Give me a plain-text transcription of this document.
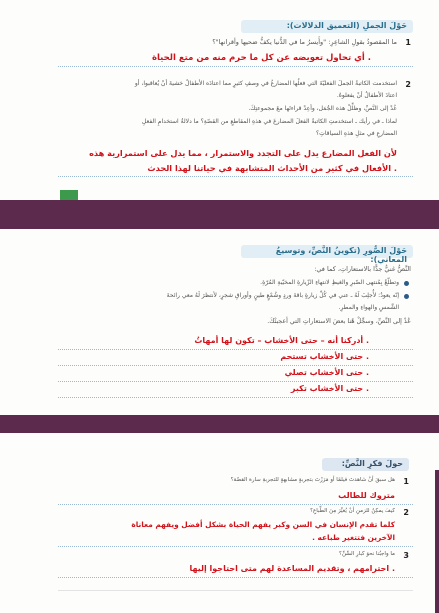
حَوْلَ الجملِ (التعميق الدلالات):
1
ما المقصودُ بقولِ الشاعِرِ: "وأَيسرُ ما في الدُّنيا يكفُّ ضحيها وأقرانها"؟
. أي تحاول تعويضه عن كل ما حرم منه من متع الحياة
2
استخدمت الكاتبةُ الجملَ الفعليّةَ التي فعلُها المضارعُ في وصفِ كثيرٍ مما اعتادَه الأطفالُ خشيةَ أنْ يُعاقبوا، أو
اعتادَ الأطفالُ أنْ يفعلوهُ.
عُدْ إلى النَّصِّ، وظلِّلْ هذه الجُمَل، وأعِدْ قراءتَها معَ مجموعتِكَ.
لماذا ـ في رأيك ـ استخدمتِ الكاتبةُ الفعلَ المضارعَ في هذهِ المقاطعِ من القصّةِ؟ ما دلالةُ استخدامِ الفعلِ
المضارعِ في مثلِ هذهِ السياقاتِ؟
لأن الفعل المضارع يدل على التجدد والاستمرار ، مما يدل على استمرارية هذه
. الأفعال في كثير من الأحداث المتشابهة في حياتنا لهذا الحدث
حَوْلَ الصُّورِ (تكوينُ النَّصِّ، وتوسيعُ المعاني):
النَّصُّ غنيٌّ جدًّا بالاستعاراتِ، كما في:
وتطلّعُ بِمُنتهى الصّبرِ والغيظِ لانتهاءِ الزّيارةِ المخيّبةِ المُرّةِ.
إنّه يعودُ: لأُجلِبَ لَهُ ـ عني في كُلِّ زيارةٍ باقةَ وردٍ وشُمْعٍ طينٍ وأوراقِ شجرٍ، لأنتظرَ لَهُ معي رائحةَ
الشَّمسِ والهواءِ والمطرِ.
عُدْ إلى النَّصِّ، وسجِّلْ هُنا بعضَ الاستعاراتِ التي أعجبتْكَ.
. أدركنا أنه – حتى الأخشاب – تكون لها أمهاتُ
. حتى الأخشاب تستحم
. حتى الأخشاب تصلي
. حتى الأخشاب تكبر
حولَ فكرِ النَّصِّ:
1
هل سبقَ أنْ شاهدتَ فيلمًا أو مَرَرْتَ بتجربةٍ مشابهةٍ للتجربةِ سارة القصّة؟
متروك للطالب
2
كيفَ يمكِنُ للزمنِ أنْ يُغيِّرَ مِنَ الطِّباعِ؟
كلما تقدم الإنسان في السن وكبر يفهم الحياة بشكل أفضل ويفهم معاناة
الآخرين فتتغير طباعه .
3
ما واجبُنا نحوَ كبارِ السِّنِّ؟
. احترامهم ، وتقديم المساعدة لهم متى احتاجوا إليها
